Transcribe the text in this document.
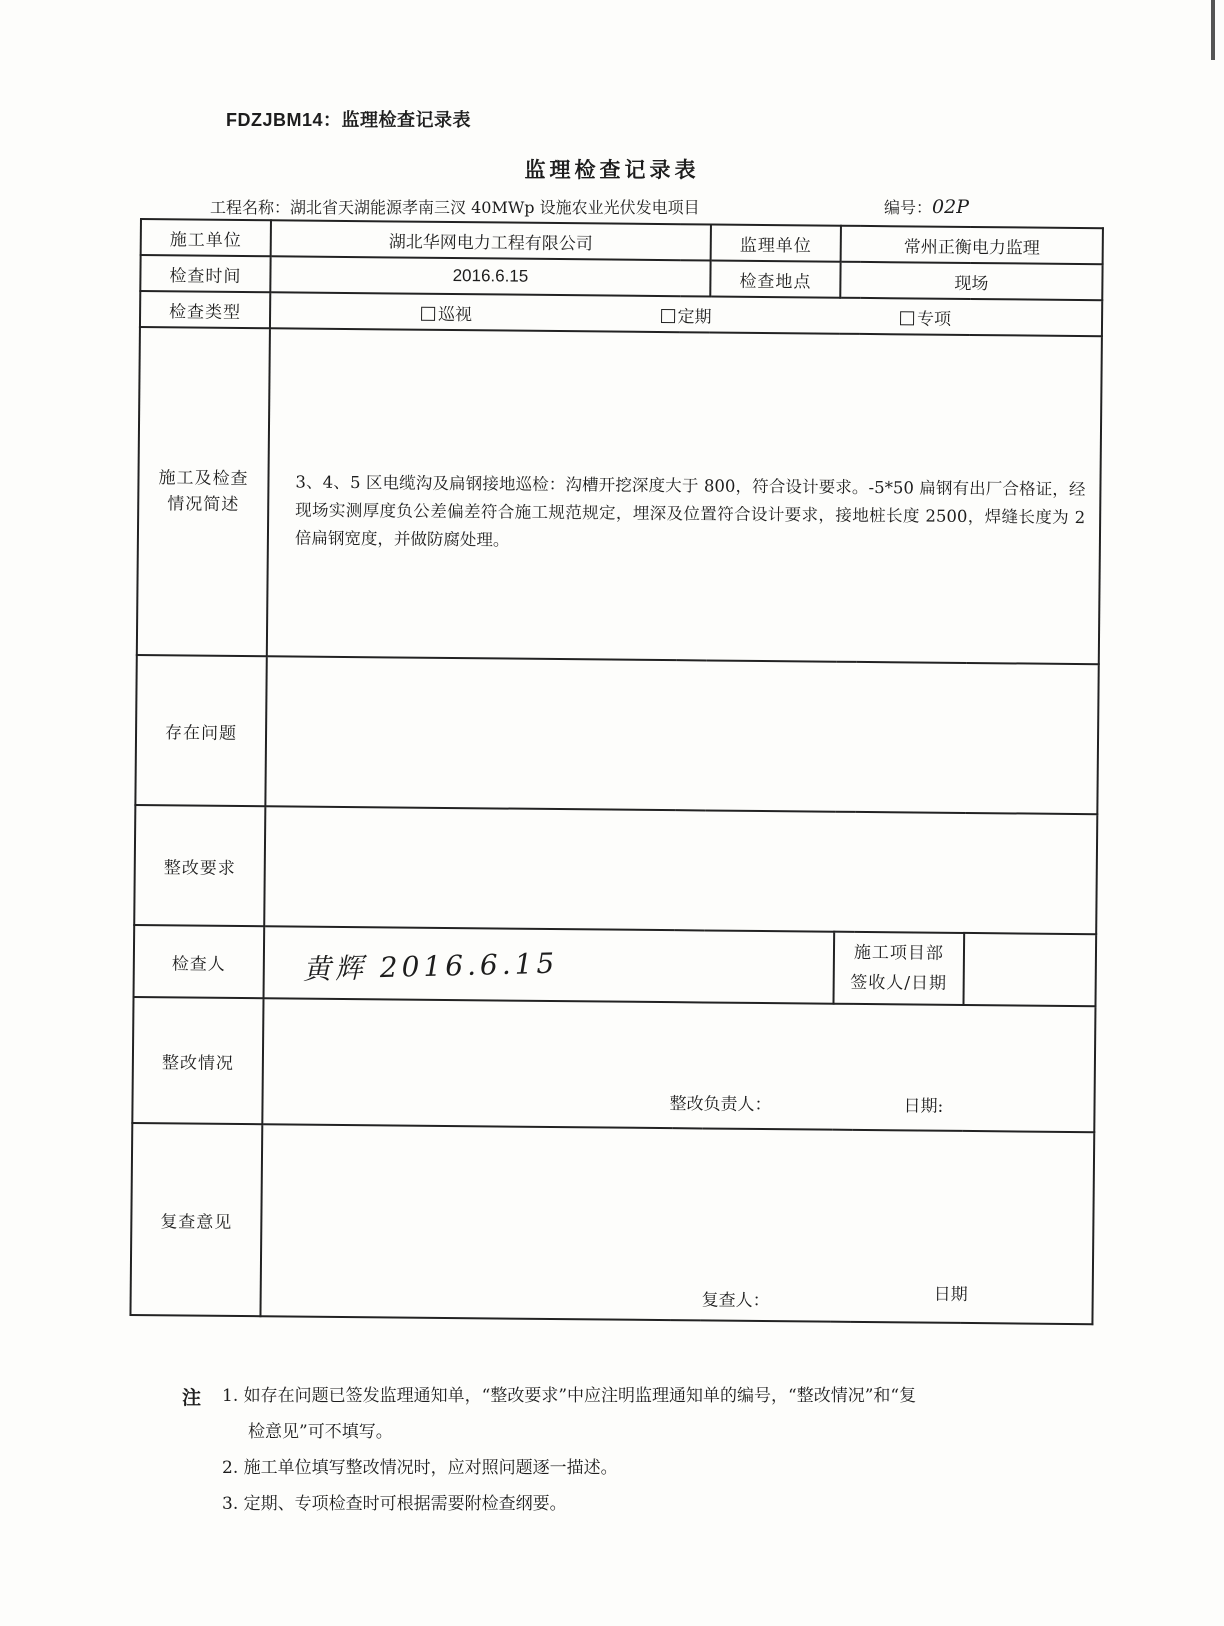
FDZJBM14：监理检查记录表
监理检查记录表
工程名称：湖北省天湖能源孝南三汊 40MWp 设施农业光伏发电项目	编号：02P
施工单位	湖北华网电力工程有限公司	监理单位	常州正衡电力监理	
检查时间	2016.6.15	检查地点	现场	
检查类型	巡视 定期 专项			

施工及检查
情况简述	3、4、5 区电缆沟及扁钢接地巡检：沟槽开挖深度大于 800，符合设计要求。-5*50 扁钢有出厂合格证，经现场实测厚度负公差偏差符合施工规范规定，埋深及位置符合设计要求，接地桩长度 2500，焊缝长度为 2 倍扁钢宽度，并做防腐处理。			

存在问题				
整改要求				
检查人	黄辉 2016.6.15		施工项目部
签收人/日期	

整改情况	整改负责人： 日期:			

复查意见	复查人： 日期			
注 1. 如存在问题已签发监理通知单，“整改要求”中应注明监理通知单的编号，“整改情况”和“复
检意见”可不填写。
2. 施工单位填写整改情况时，应对照问题逐一描述。
3. 定期、专项检查时可根据需要附检查纲要。
